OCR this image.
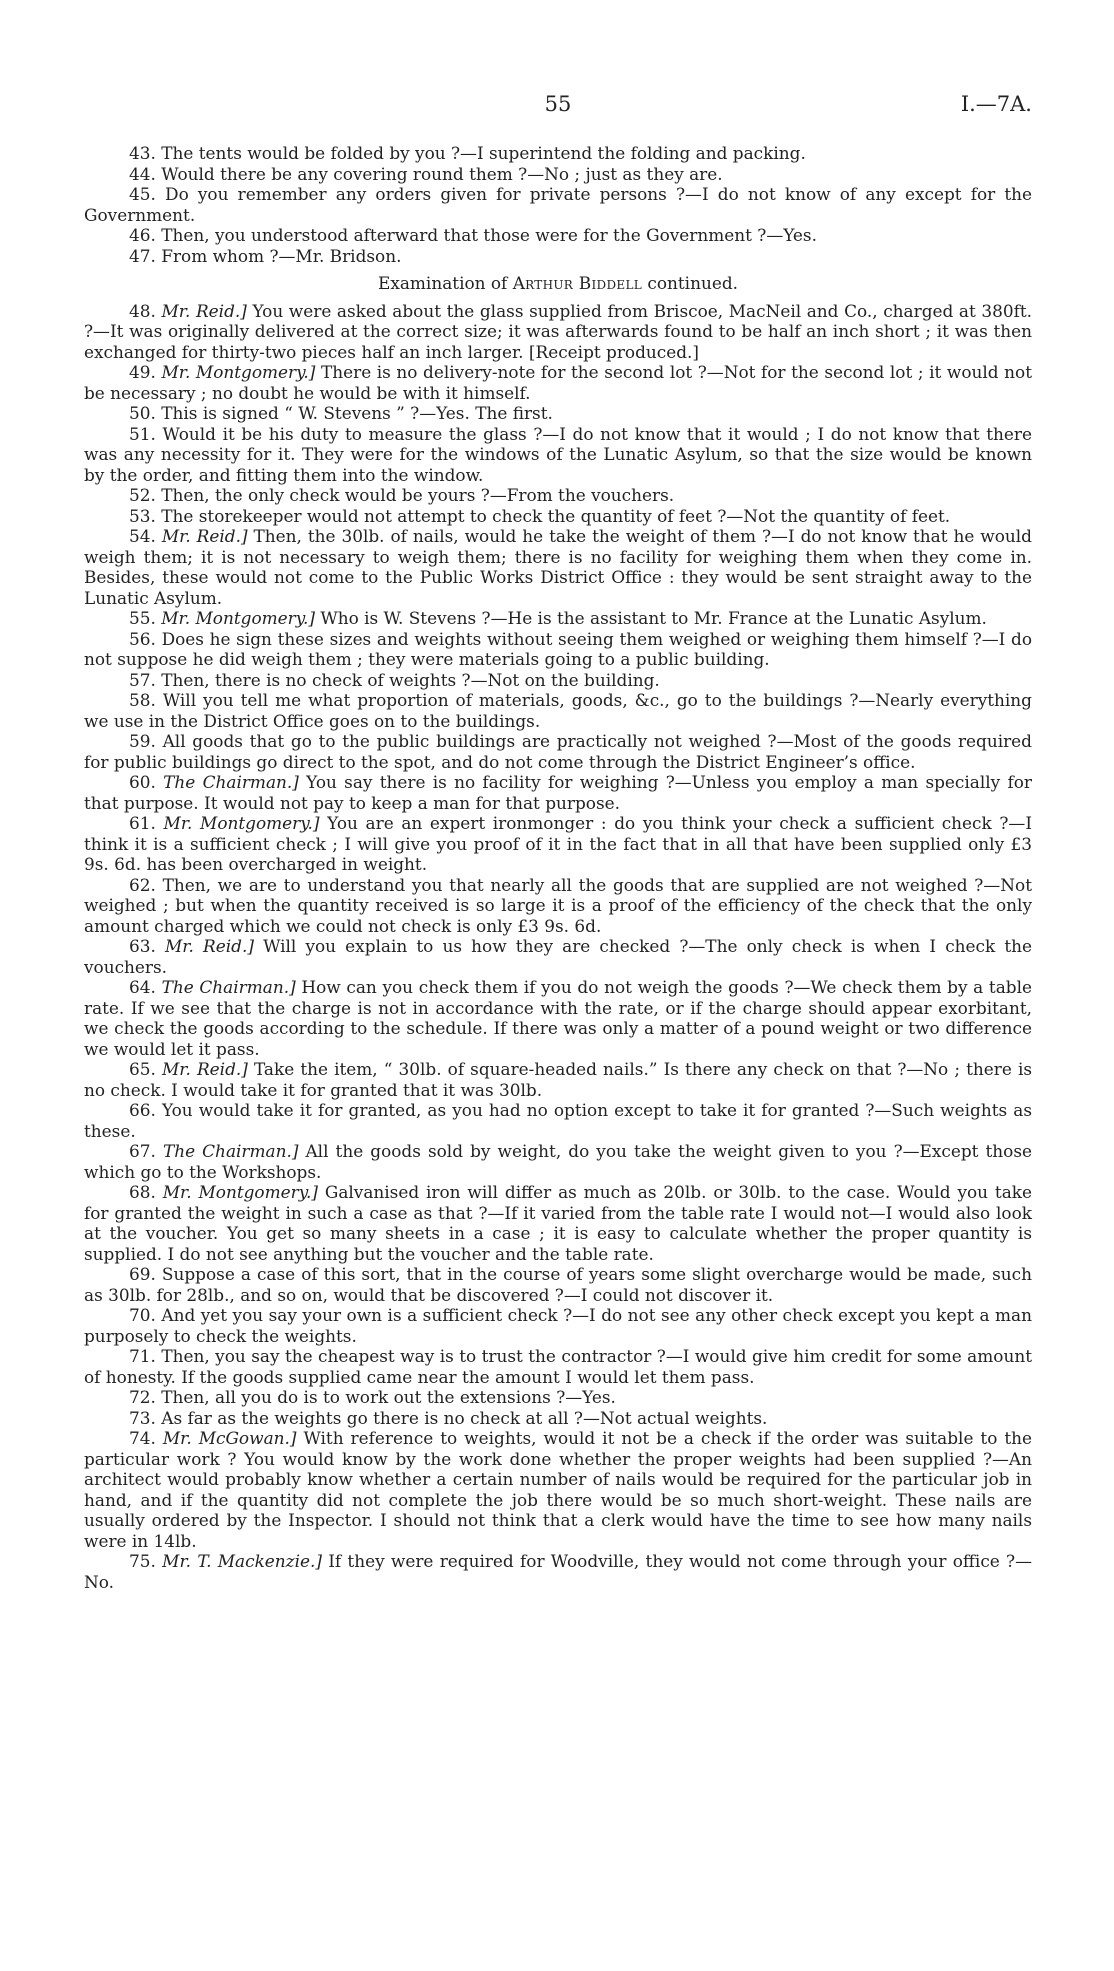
55	I.—7A.

43. The tents would be folded by you ?—I superintend the folding and packing.

44. Would there be any covering round them ?—No ; just as they are.

45. Do you remember any orders given for private persons ?—I do not know of any except for the Government.

46. Then, you understood afterward that those were for the Government ?—Yes.

47. From whom ?—Mr. Bridson.

Examination of Arthur Biddell continued.

48. Mr. Reid.] You were asked about the glass supplied from Briscoe, MacNeil and Co., charged at 380ft. ?—It was originally delivered at the correct size; it was afterwards found to be half an inch short ; it was then exchanged for thirty-two pieces half an inch larger. [Receipt produced.]

49. Mr. Montgomery.] There is no delivery-note for the second lot ?—Not for the second lot ; it would not be necessary ; no doubt he would be with it himself.

50. This is signed “ W. Stevens ” ?—Yes. The first.

51. Would it be his duty to measure the glass ?—I do not know that it would ; I do not know that there was any necessity for it. They were for the windows of the Lunatic Asylum, so that the size would be known by the order, and fitting them into the window.

52. Then, the only check would be yours ?—From the vouchers.

53. The storekeeper would not attempt to check the quantity of feet ?—Not the quantity of feet.

54. Mr. Reid.] Then, the 30lb. of nails, would he take the weight of them ?—I do not know that he would weigh them; it is not necessary to weigh them; there is no facility for weighing them when they come in. Besides, these would not come to the Public Works District Office : they would be sent straight away to the Lunatic Asylum.

55. Mr. Montgomery.] Who is W. Stevens ?—He is the assistant to Mr. France at the Lunatic Asylum.

56. Does he sign these sizes and weights without seeing them weighed or weighing them himself ?—I do not suppose he did weigh them ; they were materials going to a public building.

57. Then, there is no check of weights ?—Not on the building.

58. Will you tell me what proportion of materials, goods, &c., go to the buildings ?—Nearly everything we use in the District Office goes on to the buildings.

59. All goods that go to the public buildings are practically not weighed ?—Most of the goods required for public buildings go direct to the spot, and do not come through the District Engineer’s office.

60. The Chairman.] You say there is no facility for weighing ?—Unless you employ a man specially for that purpose. It would not pay to keep a man for that purpose.

61. Mr. Montgomery.] You are an expert ironmonger : do you think your check a sufficient check ?—I think it is a sufficient check ; I will give you proof of it in the fact that in all that have been supplied only £3 9s. 6d. has been overcharged in weight.

62. Then, we are to understand you that nearly all the goods that are supplied are not weighed ?—Not weighed ; but when the quantity received is so large it is a proof of the efficiency of the check that the only amount charged which we could not check is only £3 9s. 6d.

63. Mr. Reid.] Will you explain to us how they are checked ?—The only check is when I check the vouchers.

64. The Chairman.] How can you check them if you do not weigh the goods ?—We check them by a table rate. If we see that the charge is not in accordance with the rate, or if the charge should appear exorbitant, we check the goods according to the schedule. If there was only a matter of a pound weight or two difference we would let it pass.

65. Mr. Reid.] Take the item, “ 30lb. of square-headed nails.” Is there any check on that ?—No ; there is no check. I would take it for granted that it was 30lb.

66. You would take it for granted, as you had no option except to take it for granted ?—Such weights as these.

67. The Chairman.] All the goods sold by weight, do you take the weight given to you ?—Except those which go to the Workshops.

68. Mr. Montgomery.] Galvanised iron will differ as much as 20lb. or 30lb. to the case. Would you take for granted the weight in such a case as that ?—If it varied from the table rate I would not—I would also look at the voucher. You get so many sheets in a case ; it is easy to calculate whether the proper quantity is supplied. I do not see anything but the voucher and the table rate.

69. Suppose a case of this sort, that in the course of years some slight overcharge would be made, such as 30lb. for 28lb., and so on, would that be discovered ?—I could not discover it.

70. And yet you say your own is a sufficient check ?—I do not see any other check except you kept a man purposely to check the weights.

71. Then, you say the cheapest way is to trust the contractor ?—I would give him credit for some amount of honesty. If the goods supplied came near the amount I would let them pass.

72. Then, all you do is to work out the extensions ?—Yes.

73. As far as the weights go there is no check at all ?—Not actual weights.

74. Mr. McGowan.] With reference to weights, would it not be a check if the order was suitable to the particular work ? You would know by the work done whether the proper weights had been supplied ?—An architect would probably know whether a certain number of nails would be required for the particular job in hand, and if the quantity did not complete the job there would be so much short-weight. These nails are usually ordered by the Inspector. I should not think that a clerk would have the time to see how many nails were in 14lb.

75. Mr. T. Mackenzie.] If they were required for Woodville, they would not come through your office ?—No.
